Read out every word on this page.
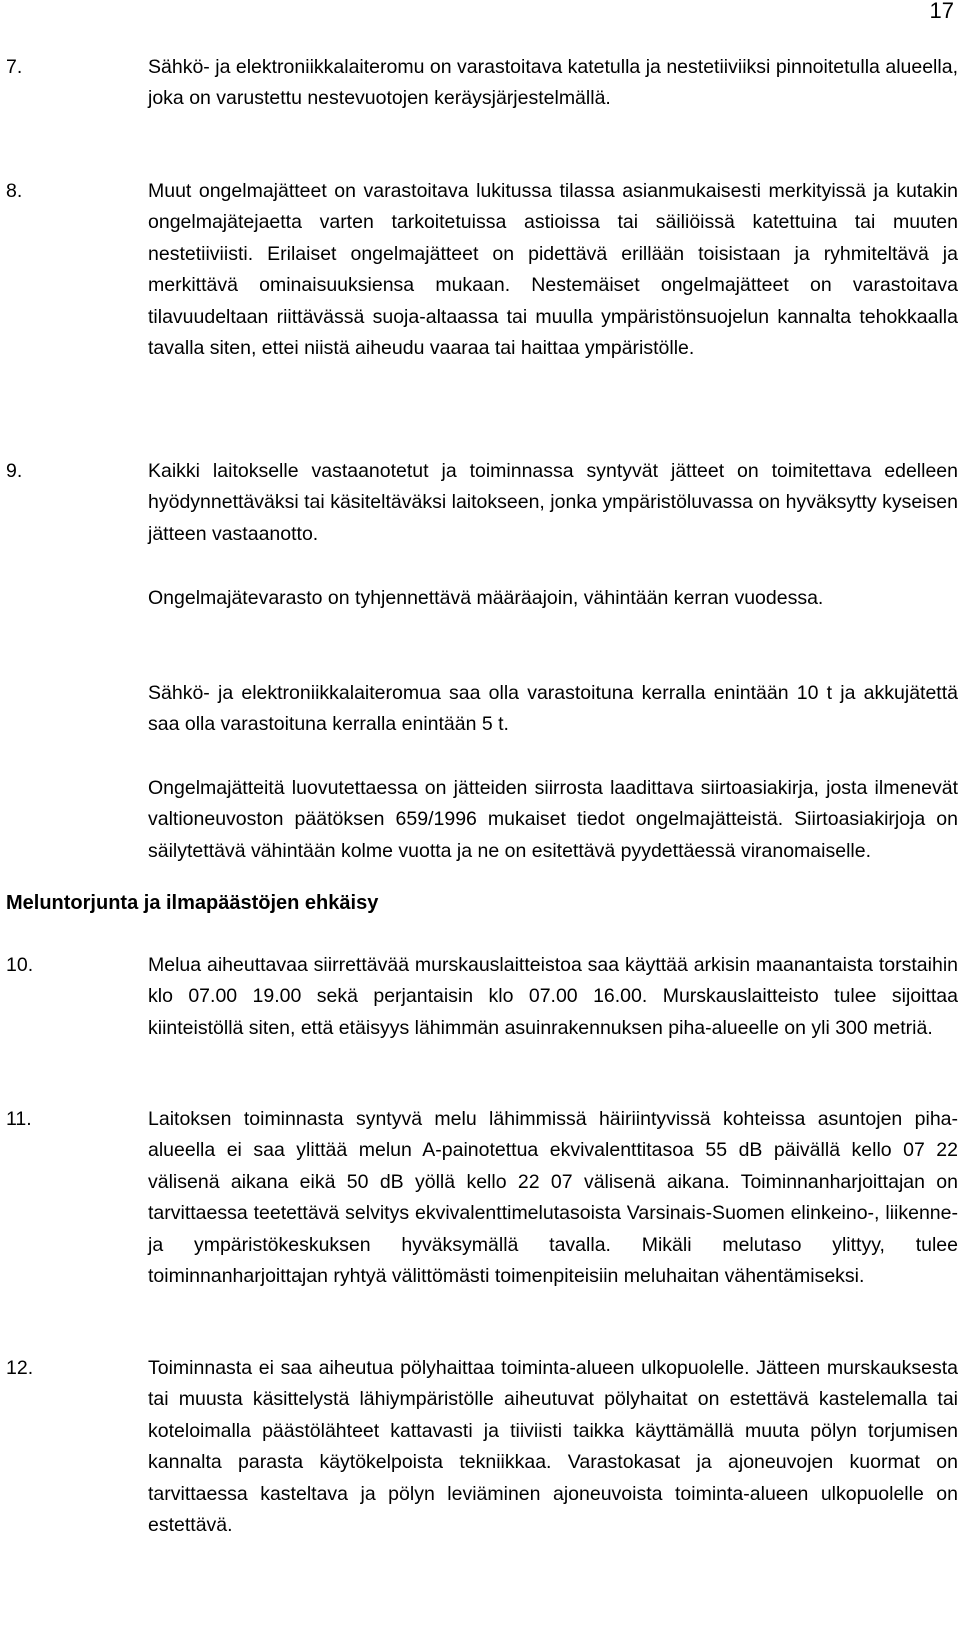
17
7.	Sähkö- ja elektroniikkalaiteromu on varastoitava katetulla ja nestetiiviiksi pinnoitetulla alueella, joka on varustettu nestevuotojen keräysjärjestelmällä.

8.	Muut ongelmajätteet on varastoitava lukitussa tilassa asianmukaisesti merkityissä ja kutakin ongelmajätejaetta varten tarkoitetuissa astioissa tai säiliöissä katettuina tai muuten nestetiiviisti. Erilaiset ongelmajätteet on pidettävä erillään toisistaan ja ryhmiteltävä ja merkittävä ominaisuuksiensa mukaan. Nestemäiset ongelmajätteet on varastoitava tilavuudeltaan riittävässä suoja-altaassa tai muulla ympäristönsuojelun kannalta tehokkaalla tavalla siten, ettei niistä aiheudu vaaraa tai haittaa ympäristölle.

9.	Kaikki laitokselle vastaanotetut ja toiminnassa syntyvät jätteet on toimitettava edelleen hyödynnettäväksi tai käsiteltäväksi laitokseen, jonka ympäristöluvassa on hyväksytty kyseisen jätteen vastaanotto.

Ongelmajätevarasto on tyhjennettävä määräajoin, vähintään kerran vuodessa.

Sähkö- ja elektroniikkalaiteromua saa olla varastoituna kerralla enintään 10 t ja akkujätettä saa olla varastoituna kerralla enintään 5 t.

Ongelmajätteitä luovutettaessa on jätteiden siirrosta laadittava siirtoasiakirja, josta ilmenevät valtioneuvoston päätöksen 659/1996 mukaiset tiedot ongelmajätteistä. Siirtoasiakirjoja on säilytettävä vähintään kolme vuotta ja ne on esitettävä pyydettäessä viranomaiselle.

Meluntorjunta ja ilmapäästöjen ehkäisy
10.	Melua aiheuttavaa siirrettävää murskauslaitteistoa saa käyttää arkisin maanantaista torstaihin klo 07.00 19.00 sekä perjantaisin klo 07.00 16.00. Murskauslaitteisto tulee sijoittaa kiinteistöllä siten, että etäisyys lähimmän asuinrakennuksen piha-alueelle on yli 300 metriä.

11.	Laitoksen toiminnasta syntyvä melu lähimmissä häiriintyvissä kohteissa asuntojen piha-alueella ei saa ylittää melun A-painotettua ekvivalenttitasoa 55 dB päivällä kello 07 22 välisenä aikana eikä 50 dB yöllä kello 22 07 välisenä aikana. Toiminnanharjoittajan on tarvittaessa teetettävä selvitys ekvivalenttimelutasoista Varsinais-Suomen elinkeino-, liikenne- ja ympäristökeskuksen hyväksymällä tavalla. Mikäli melutaso ylittyy, tulee toiminnanharjoittajan ryhtyä välittömästi toimenpiteisiin meluhaitan vähentämiseksi.

12.	Toiminnasta ei saa aiheutua pölyhaittaa toiminta-alueen ulkopuolelle. Jätteen murskauksesta tai muusta käsittelystä lähiympäristölle aiheutuvat pölyhaitat on estettävä kastelemalla tai koteloimalla päästölähteet kattavasti ja tiiviisti taikka käyttämällä muuta pölyn torjumisen kannalta parasta käytökelpoista tekniikkaa. Varastokasat ja ajoneuvojen kuormat on tarvittaessa kasteltava ja pölyn leviäminen ajoneuvoista toiminta-alueen ulkopuolelle on estettävä.
